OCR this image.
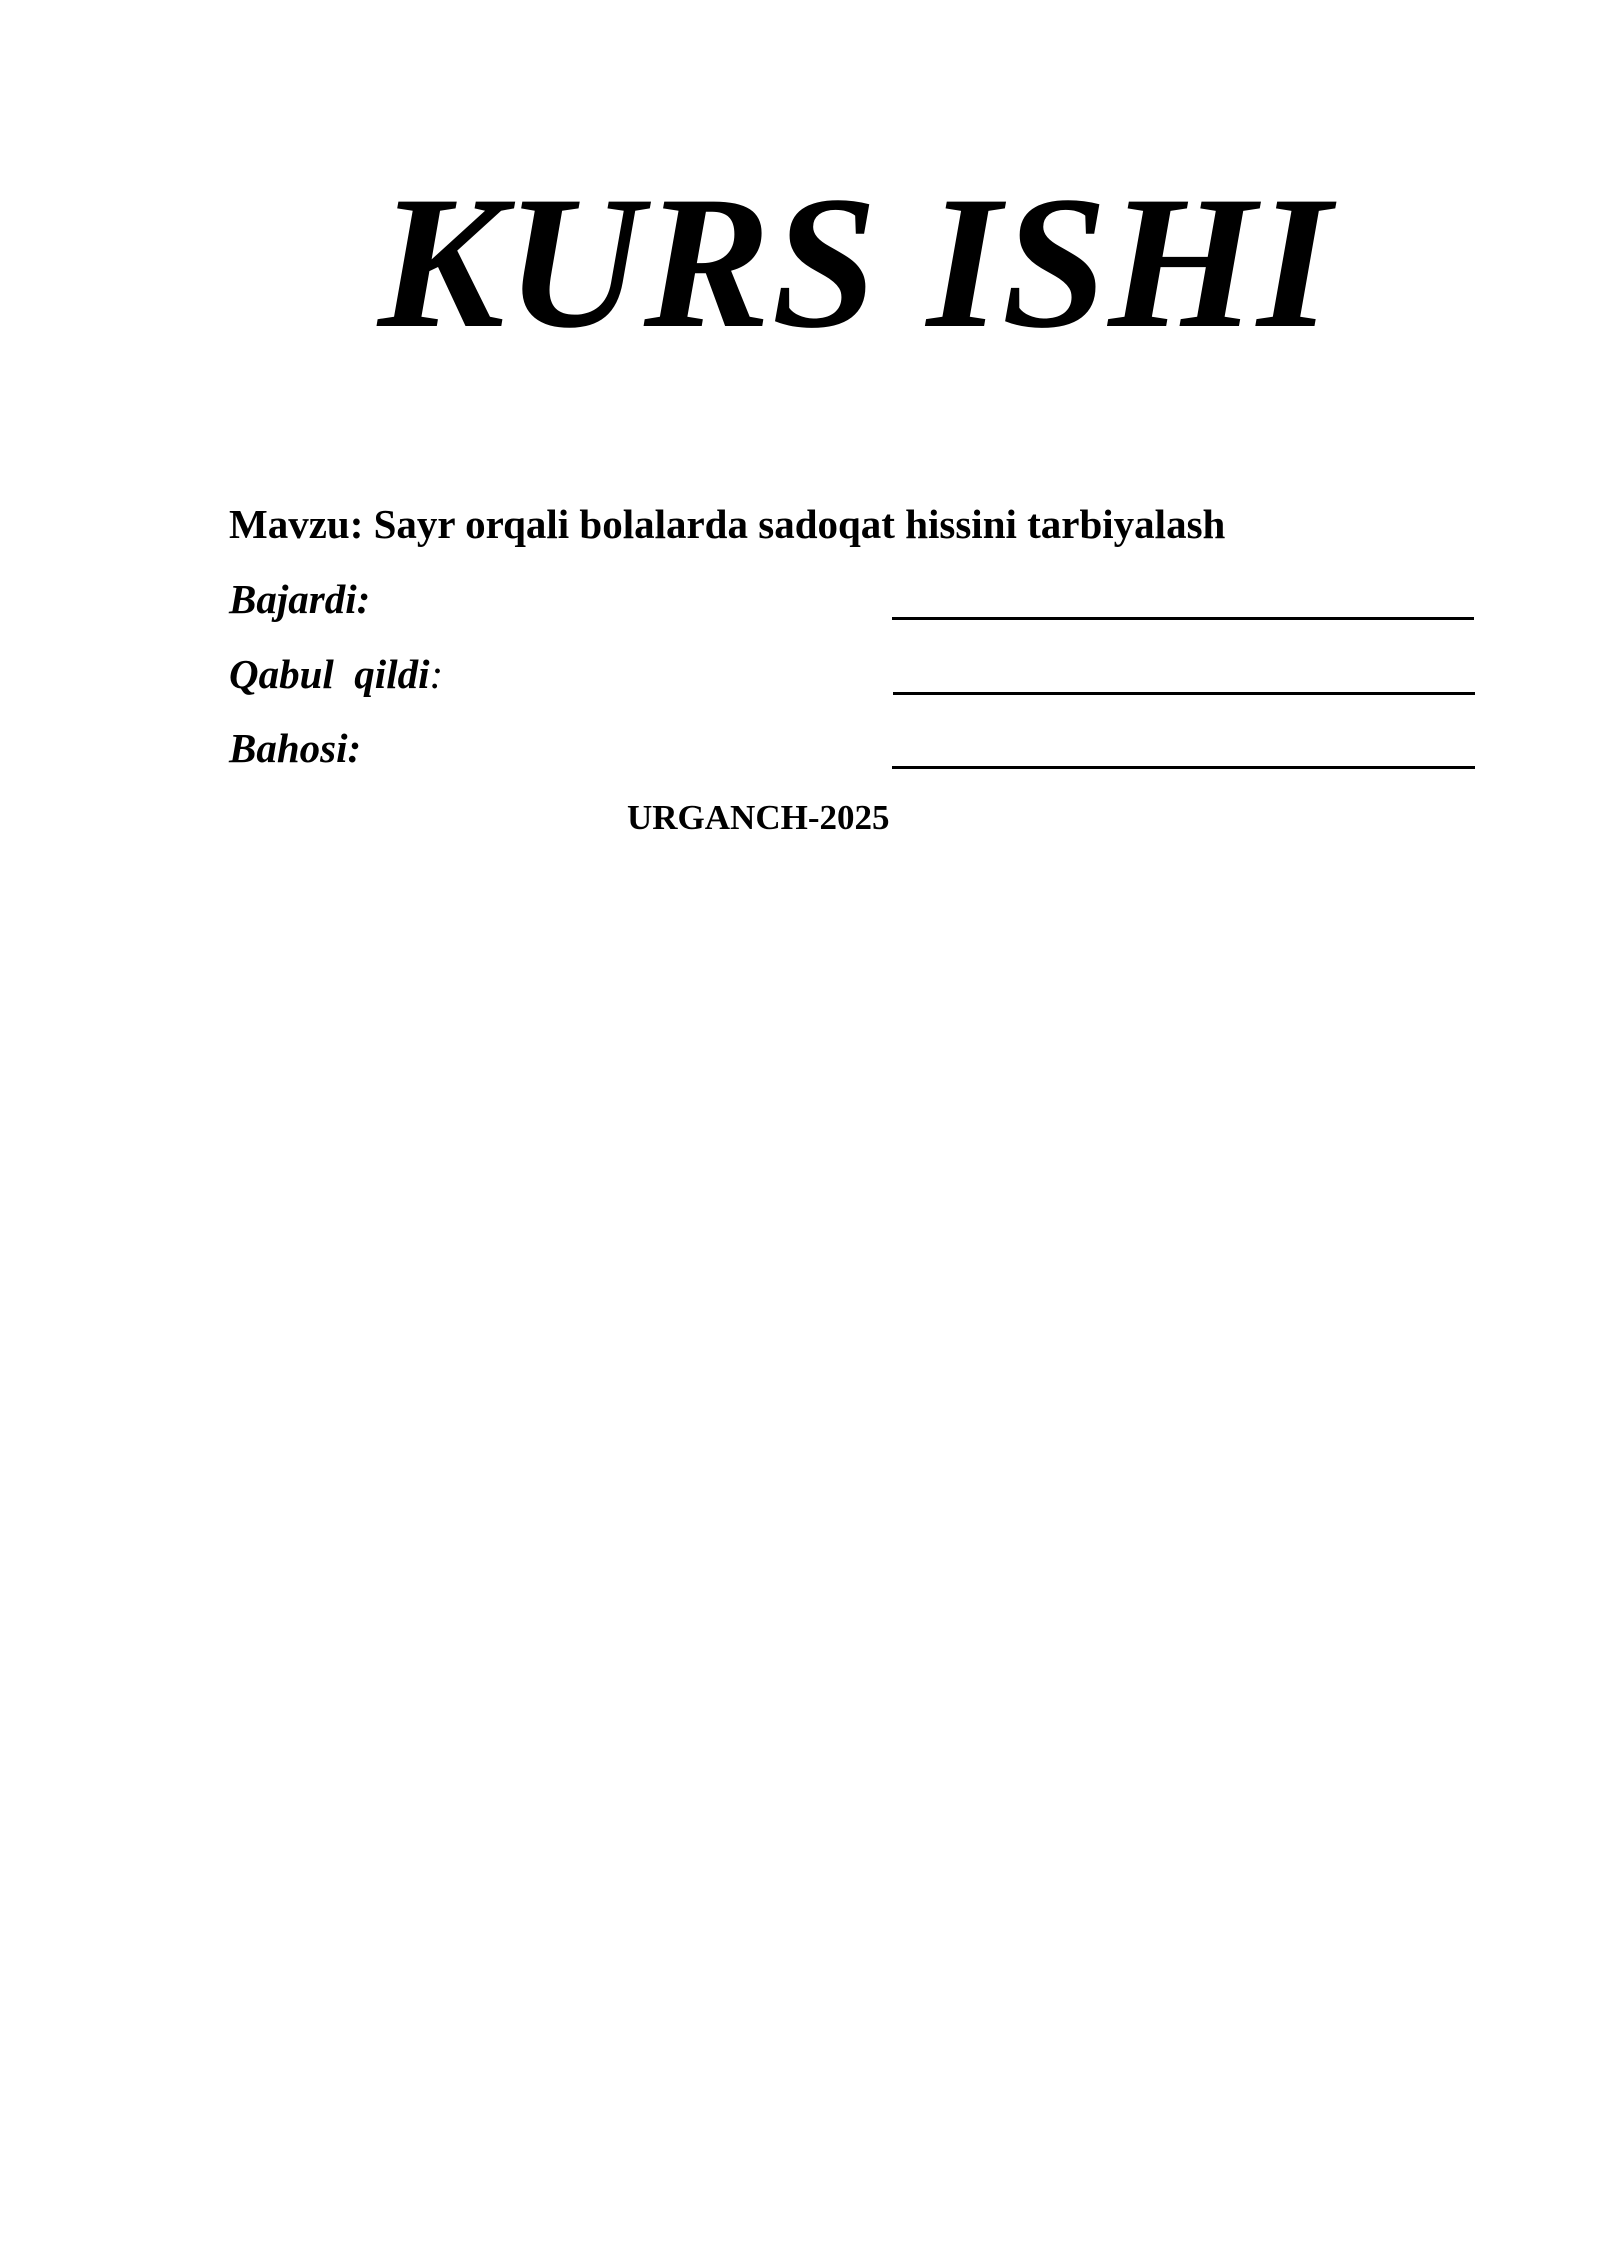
KURS ISHI
Mavzu: Sayr orqali bolalarda sadoqat hissini tarbiyalash
Bajardi:
Qabul  qildi:
Bahosi:
URGANCH-2025
